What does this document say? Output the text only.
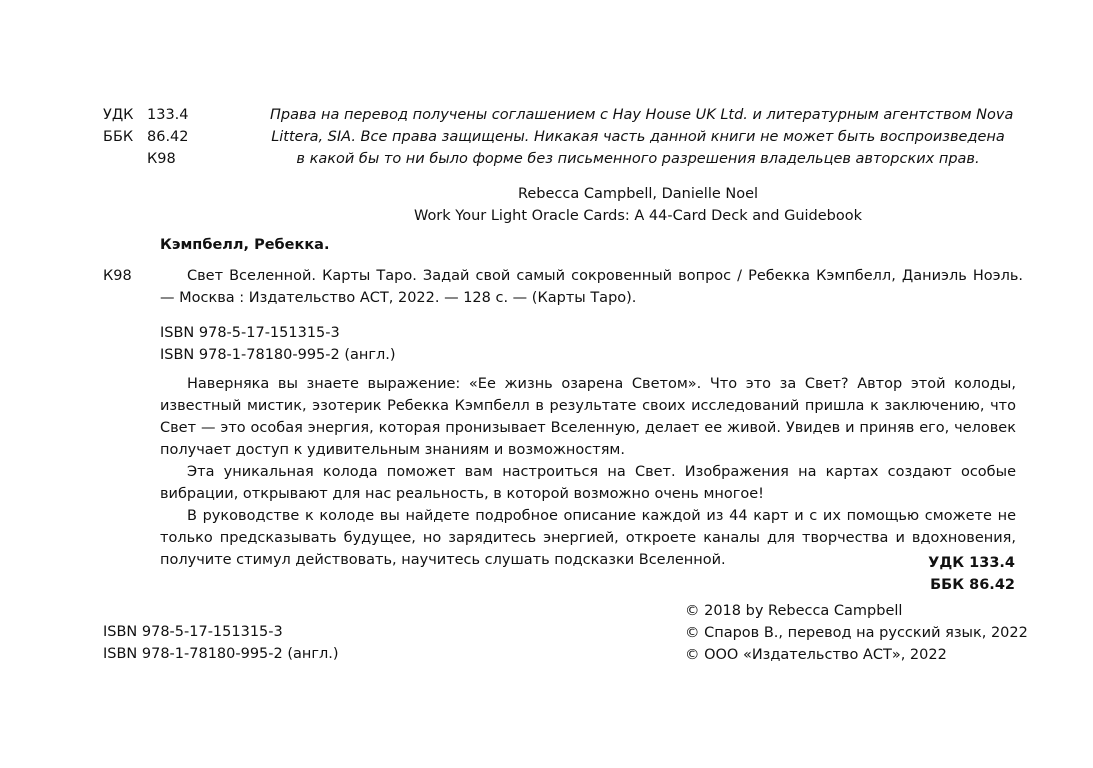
УДК 133.4
ББК 86.42
К98
Права на перевод получены соглашением с Hay House UK Ltd. и литературным агентством Nova
Littera, SIA. Все права защищены. Никакая часть данной книги не может быть воспроизведена
в какой бы то ни было форме без письменного разрешения владельцев авторских прав.
Rebecca Campbell, Danielle Noel
Work Your Light Oracle Cards: A 44-Card Deck and Guidebook
Кэмпбелл, Ребекка.
К98	Свет Вселенной. Карты Таро. Задай свой самый сокровенный вопрос / Ребекка Кэмпбелл, Даниэль Ноэль. — Москва : Издательство АСТ, 2022. — 128 с. — (Карты Таро).
ISBN 978-5-17-151315-3
ISBN 978-1-78180-995-2 (англ.)

Наверняка вы знаете выражение: «Ее жизнь озарена Светом». Что это за Свет? Автор этой колоды, известный мистик, эзотерик Ребекка Кэмпбелл в результате своих исследований пришла к заключению, что Свет — это особая энергия, которая пронизывает Вселенную, делает ее живой. Увидев и приняв его, человек получает доступ к удивительным знаниям и возможностям.

Эта уникальная колода поможет вам настроиться на Свет. Изображения на картах создают особые вибрации, открывают для нас реальность, в которой возможно очень многое!

В руководстве к колоде вы найдете подробное описание каждой из 44 карт и с их помощью сможете не только предсказывать будущее, но зарядитесь энергией, откроете каналы для творчества и вдохновения, получите стимул действовать, научитесь слушать подсказки Вселенной.	УДК 133.4
ББК 86.42
© 2018 by Rebecca Campbell
© Спаров В., перевод на русский язык, 2022
© ООО «Издательство АСТ», 2022
ISBN 978-5-17-151315-3
ISBN 978-1-78180-995-2 (англ.)
